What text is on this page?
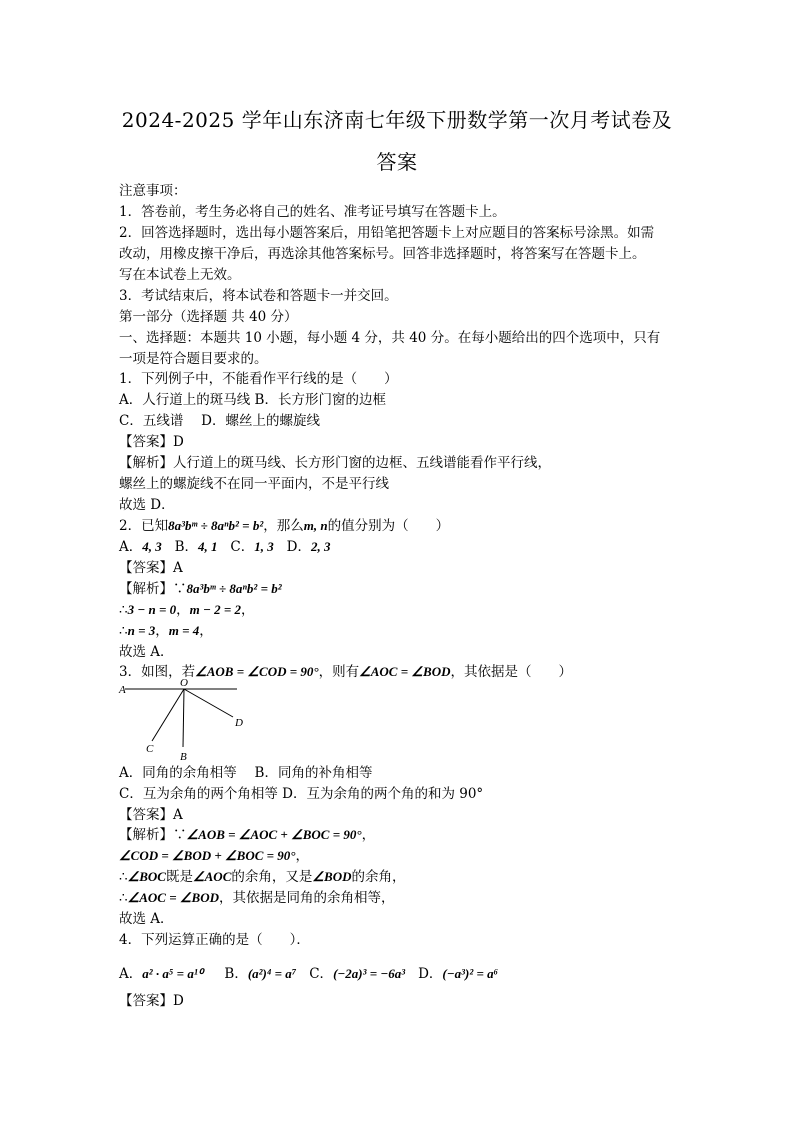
2024-2025 学年山东济南七年级下册数学第一次月考试卷及
答案
注意事项：
1．答卷前，考生务必将自己的姓名、准考证号填写在答题卡上。
2．回答选择题时，选出每小题答案后，用铅笔把答题卡上对应题目的答案标号涂黑。如需
改动，用橡皮擦干净后，再选涂其他答案标号。回答非选择题时，将答案写在答题卡上。
写在本试卷上无效。
3．考试结束后，将本试卷和答题卡一并交回。
第一部分（选择题 共 40 分）
一、选择题：本题共 10 小题，每小题 4 分，共 40 分。在每小题给出的四个选项中，只有
一项是符合题目要求的。
1．下列例子中，不能看作平行线的是（　　）
A．人行道上的斑马线 B．长方形门窗的边框
C．五线谱　 D．螺丝上的螺旋线
【答案】D
【解析】人行道上的斑马线、长方形门窗的边框、五线谱能看作平行线，
螺丝上的螺旋线不在同一平面内，不是平行线
故选 D．
2．已知8a³bᵐ ÷ 8aⁿb² = b²，那么m, n的值分别为（　　）
A．4, 3 B．4, 1 C．1, 3 D．2, 3
【答案】A
【解析】∵8a³bᵐ ÷ 8aⁿb² = b²
∴3 − n = 0，m − 2 = 2，
∴n = 3，m = 4，
故选 A．
3．如图，若∠AOB = ∠COD = 90°，则有∠AOC = ∠BOD，其依据是（　　）
O
A
C
B
D
A．同角的余角相等　 B．同角的补角相等
C．互为余角的两个角相等 D．互为余角的两个角的和为 90°
【答案】A
【解析】∵∠AOB = ∠AOC + ∠BOC = 90°，
∠COD = ∠BOD + ∠BOC = 90°，
∴∠BOC既是∠AOC的余角，又是∠BOD的余角，
∴∠AOC = ∠BOD，其依据是同角的余角相等，
故选 A．
4．下列运算正确的是（　　）．
A．a² · a⁵ = a¹⁰ B．(a²)⁴ = a⁷ C．(−2a)³ = −6a³ D．(−a³)² = a⁶
【答案】D
